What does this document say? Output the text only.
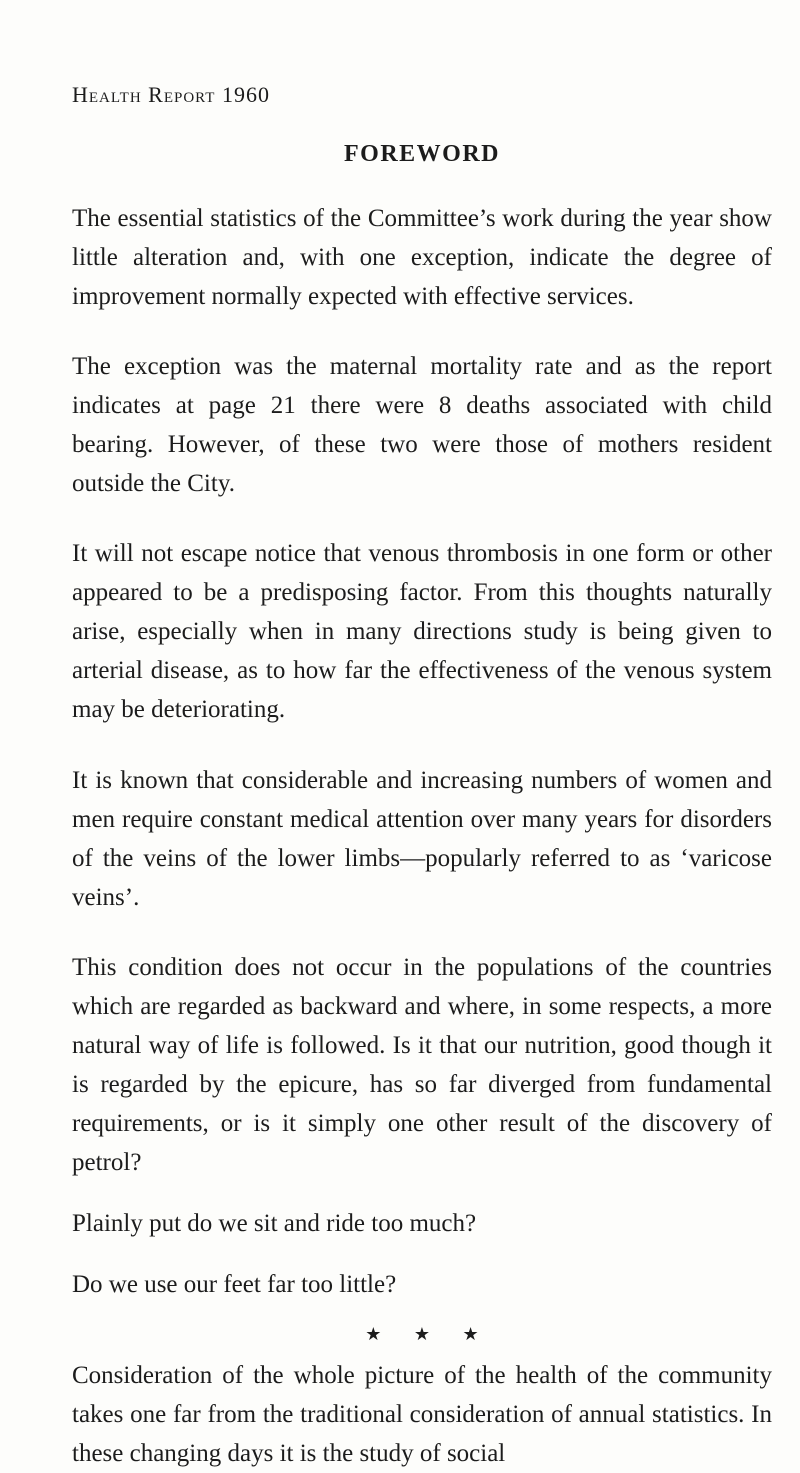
Health Report 1960

FOREWORD

The essential statistics of the Committee’s work during the year show little alteration and, with one exception, indicate the degree of improvement normally expected with effective services.

The exception was the maternal mortality rate and as the report indicates at page 21 there were 8 deaths associated with child bearing. However, of these two were those of mothers resident outside the City.

It will not escape notice that venous thrombosis in one form or other appeared to be a predisposing factor. From this thoughts naturally arise, especially when in many directions study is being given to arterial disease, as to how far the effectiveness of the venous system may be deteriorating.

It is known that considerable and increasing numbers of women and men require constant medical attention over many years for disorders of the veins of the lower limbs—popularly referred to as ‘varicose veins’.

This condition does not occur in the populations of the countries which are regarded as backward and where, in some respects, a more natural way of life is followed. Is it that our nutrition, good though it is regarded by the epicure, has so far diverged from fundamental requirements, or is it simply one other result of the discovery of petrol?

Plainly put do we sit and ride too much?

Do we use our feet far too little?

★ ★ ★

Consideration of the whole picture of the health of the community takes one far from the traditional consideration of annual statistics. In these changing days it is the study of social
